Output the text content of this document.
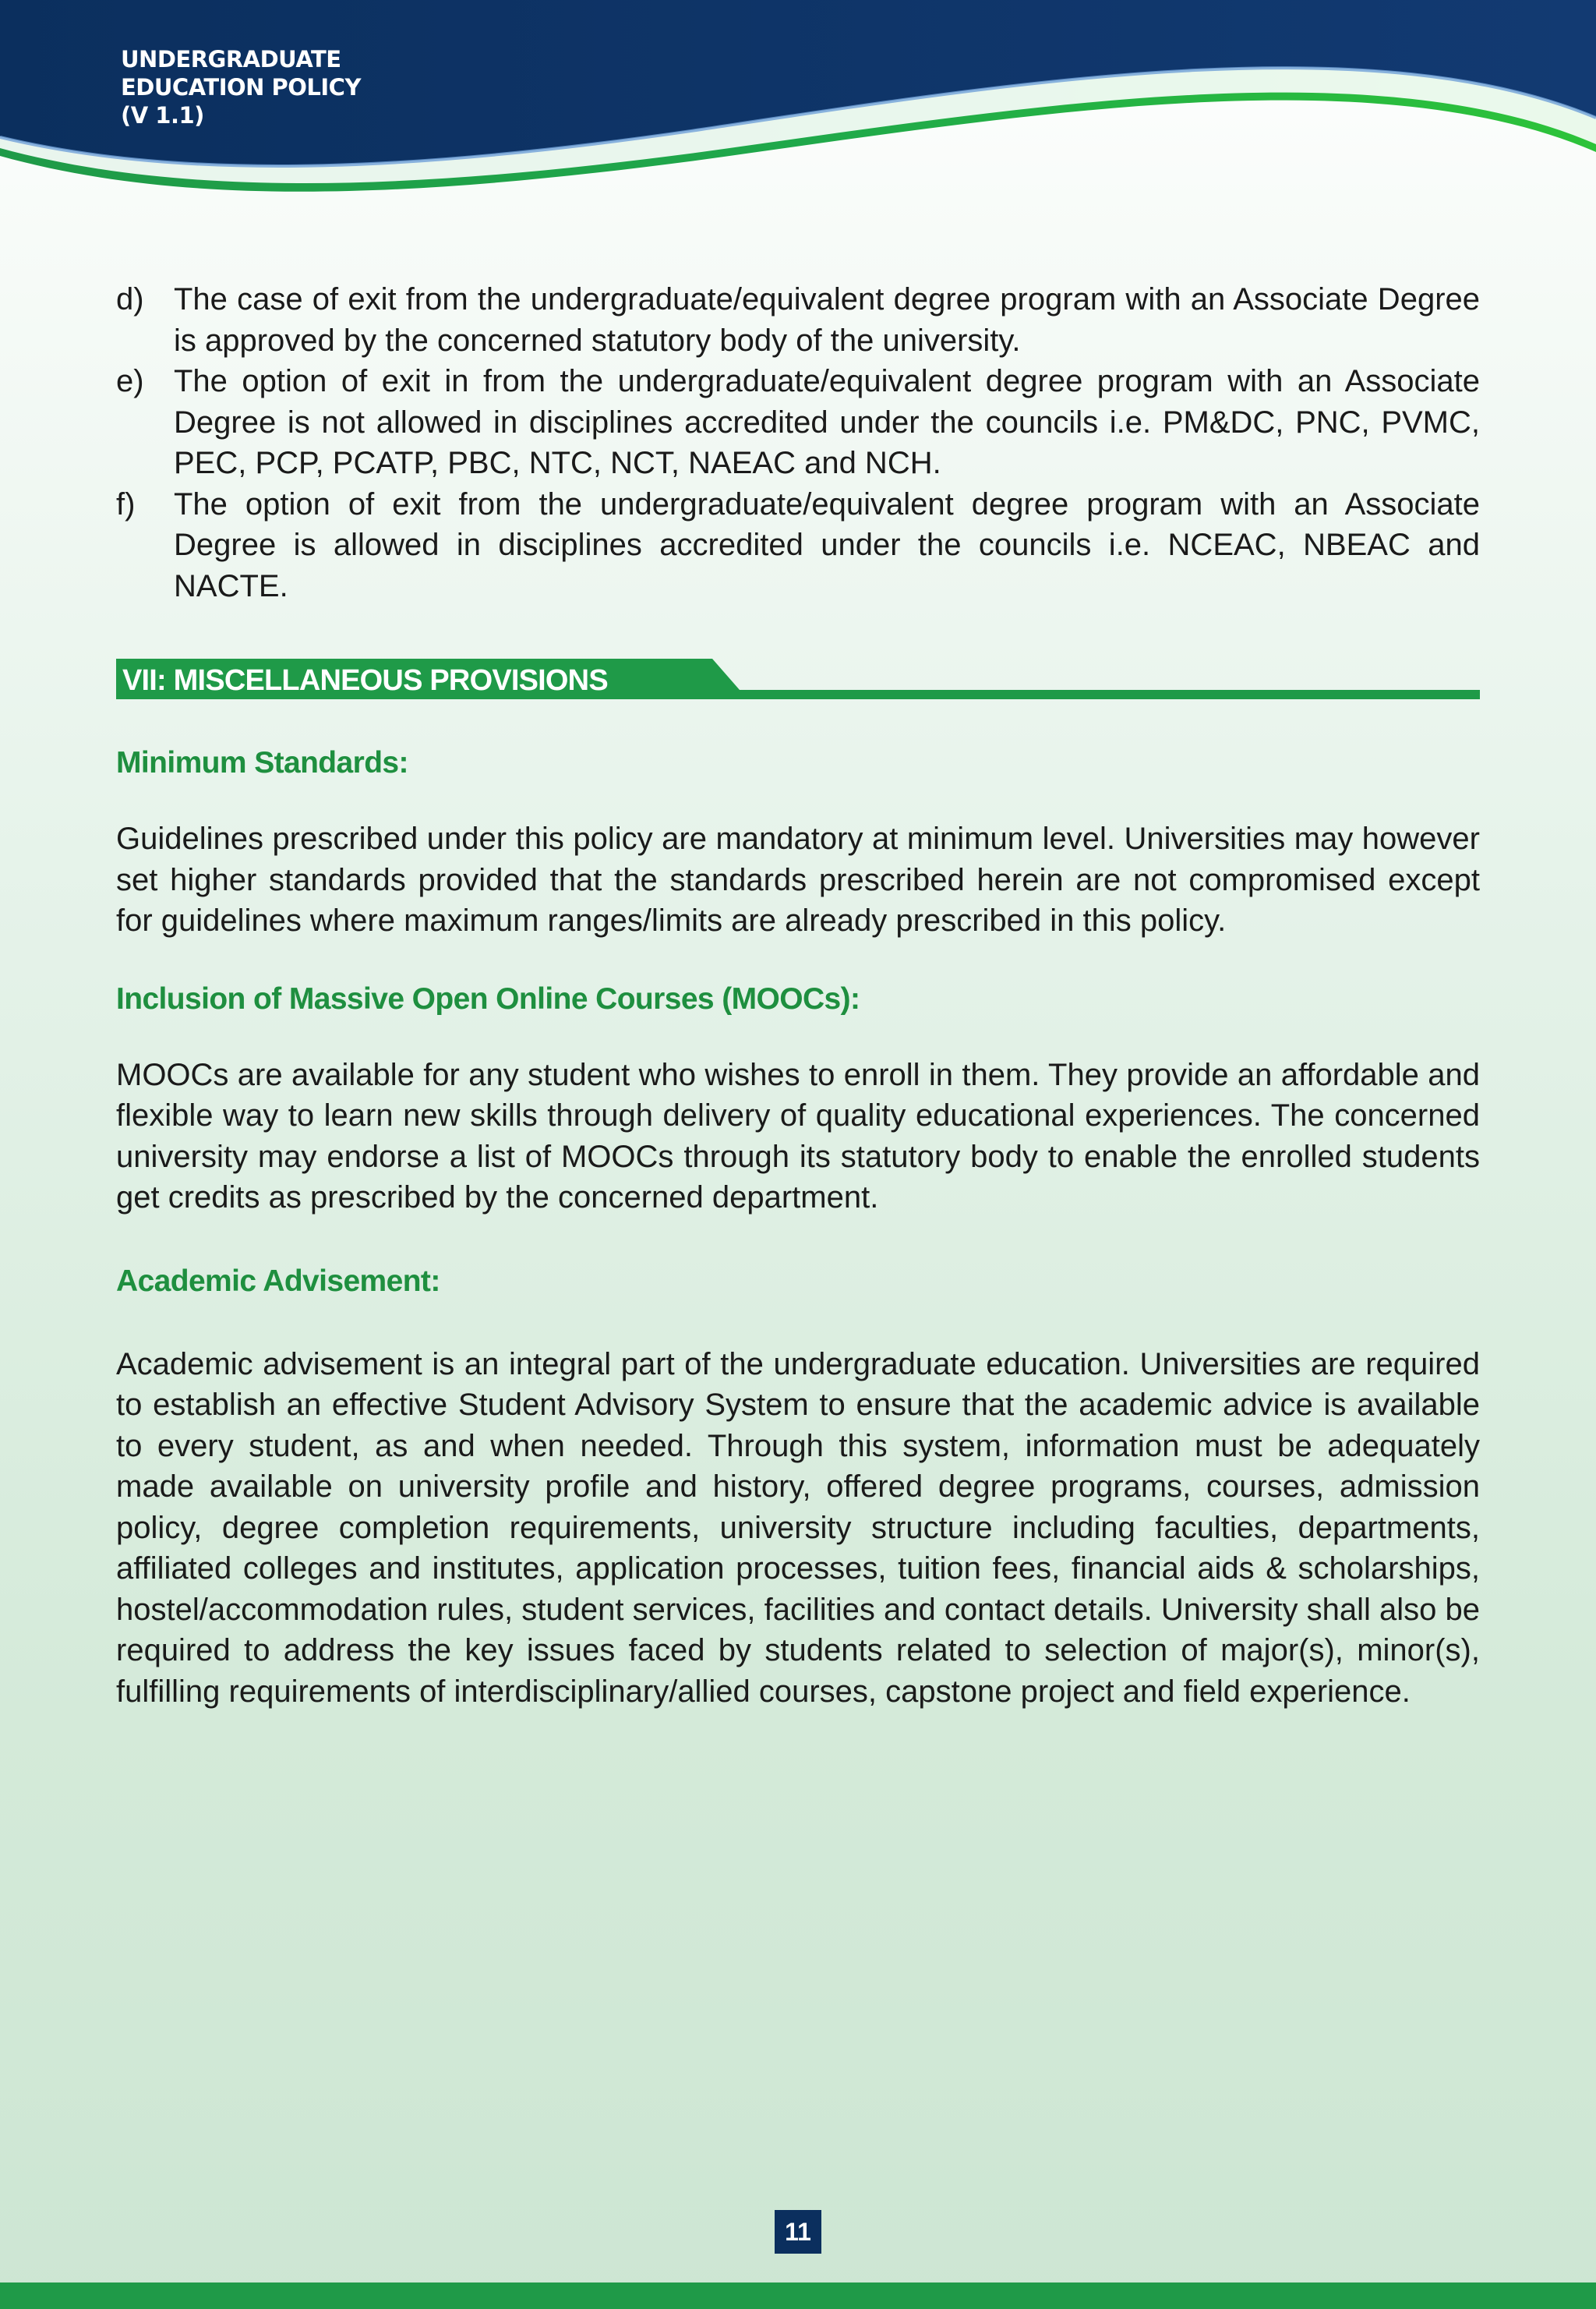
UNDERGRADUATE EDUCATION POLICY (V 1.1)
d) The case of exit from the undergraduate/equivalent degree program with an Associate Degree is approved by the concerned statutory body of the university.
e) The option of exit in from the undergraduate/equivalent degree program with an Associate Degree is not allowed in disciplines accredited under the councils i.e. PM&DC, PNC, PVMC, PEC, PCP, PCATP, PBC, NTC, NCT, NAEAC and NCH.
f) The option of exit from the undergraduate/equivalent degree program with an Associate Degree is allowed in disciplines accredited under the councils i.e. NCEAC, NBEAC and NACTE.
VII: MISCELLANEOUS PROVISIONS
Minimum Standards:
Guidelines prescribed under this policy are mandatory at minimum level. Universities may however set higher standards provided that the standards prescribed herein are not compromised except for guidelines where maximum ranges/limits are already prescribed in this policy.
Inclusion of Massive Open Online Courses (MOOCs):
MOOCs are available for any student who wishes to enroll in them. They provide an affordable and flexible way to learn new skills through delivery of quality educational experiences. The concerned university may endorse a list of MOOCs through its statutory body to enable the enrolled students get credits as prescribed by the concerned department.
Academic Advisement:
Academic advisement is an integral part of the undergraduate education. Universities are required to establish an effective Student Advisory System to ensure that the academic advice is available to every student, as and when needed. Through this system, information must be adequately made available on university profile and history, offered degree programs, courses, admission policy, degree completion requirements, university structure including faculties, departments, affiliated colleges and institutes, application processes, tuition fees, financial aids & scholarships, hostel/accommodation rules, student services, facilities and contact details. University shall also be required to address the key issues faced by students related to selection of major(s), minor(s), fulfilling requirements of interdisciplinary/allied courses, capstone project and field experience.
11
